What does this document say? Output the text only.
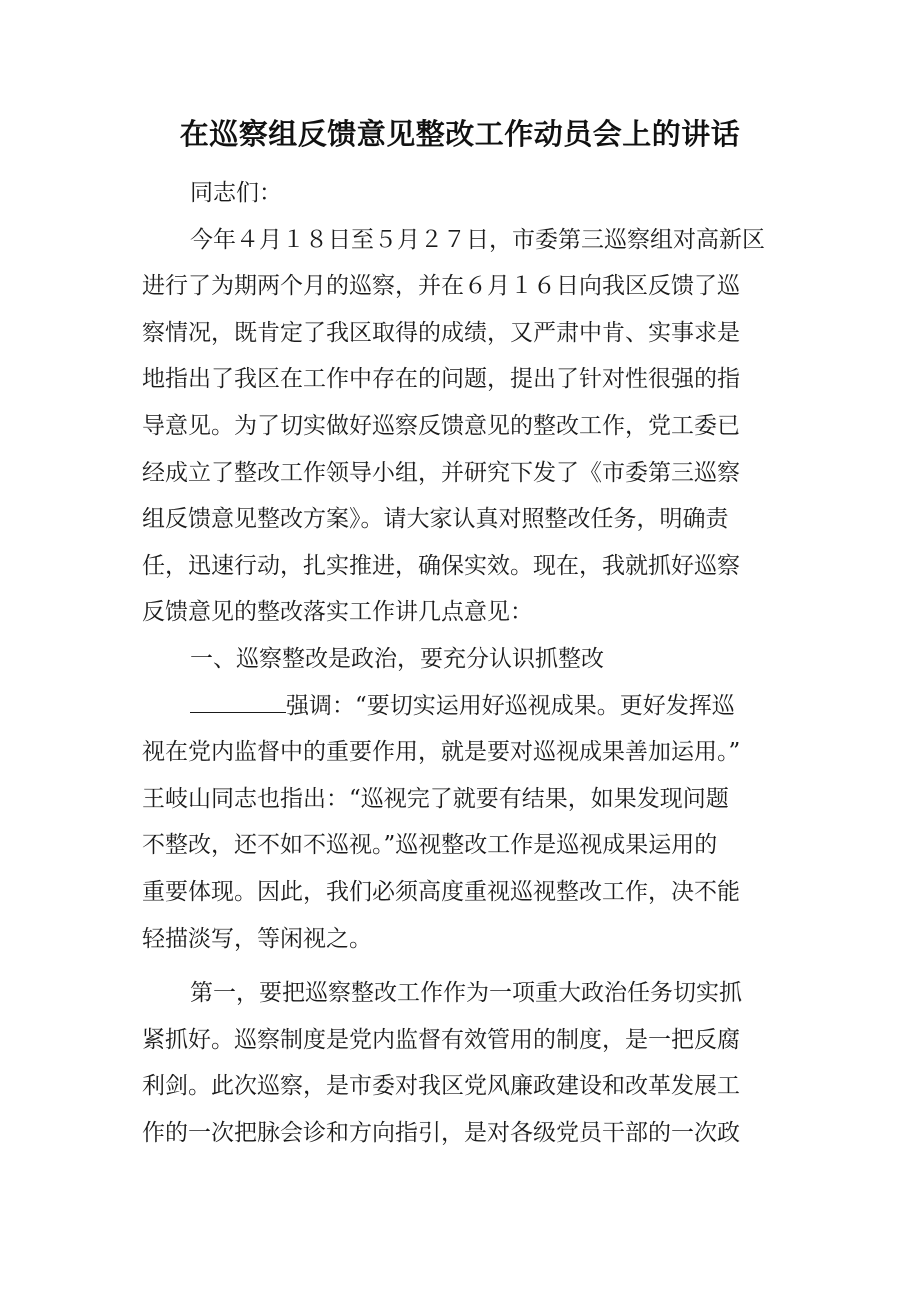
在巡察组反馈意见整改工作动员会上的讲话

同志们：

今年４月１８日至５月２７日，市委第三巡察组对高新区
进行了为期两个月的巡察，并在６月１６日向我区反馈了巡
察情况，既肯定了我区取得的成绩，又严肃中肯、实事求是
地指出了我区在工作中存在的问题，提出了针对性很强的指
导意见。为了切实做好巡察反馈意见的整改工作，党工委已
经成立了整改工作领导小组，并研究下发了《市委第三巡察
组反馈意见整改方案》。请大家认真对照整改任务，明确责
任，迅速行动，扎实推进，确保实效。现在，我就抓好巡察
反馈意见的整改落实工作讲几点意见：

一、巡察整改是政治，要充分认识抓整改

强调：“要切实运用好巡视成果。更好发挥巡
视在党内监督中的重要作用，就是要对巡视成果善加运用。”
王岐山同志也指出：“巡视完了就要有结果，如果发现问题
不整改，还不如不巡视。”巡视整改工作是巡视成果运用的
重要体现。因此，我们必须高度重视巡视整改工作，决不能
轻描淡写，等闲视之。

第一，要把巡察整改工作作为一项重大政治任务切实抓
紧抓好。巡察制度是党内监督有效管用的制度，是一把反腐
利剑。此次巡察，是市委对我区党风廉政建设和改革发展工
作的一次把脉会诊和方向指引，是对各级党员干部的一次政
